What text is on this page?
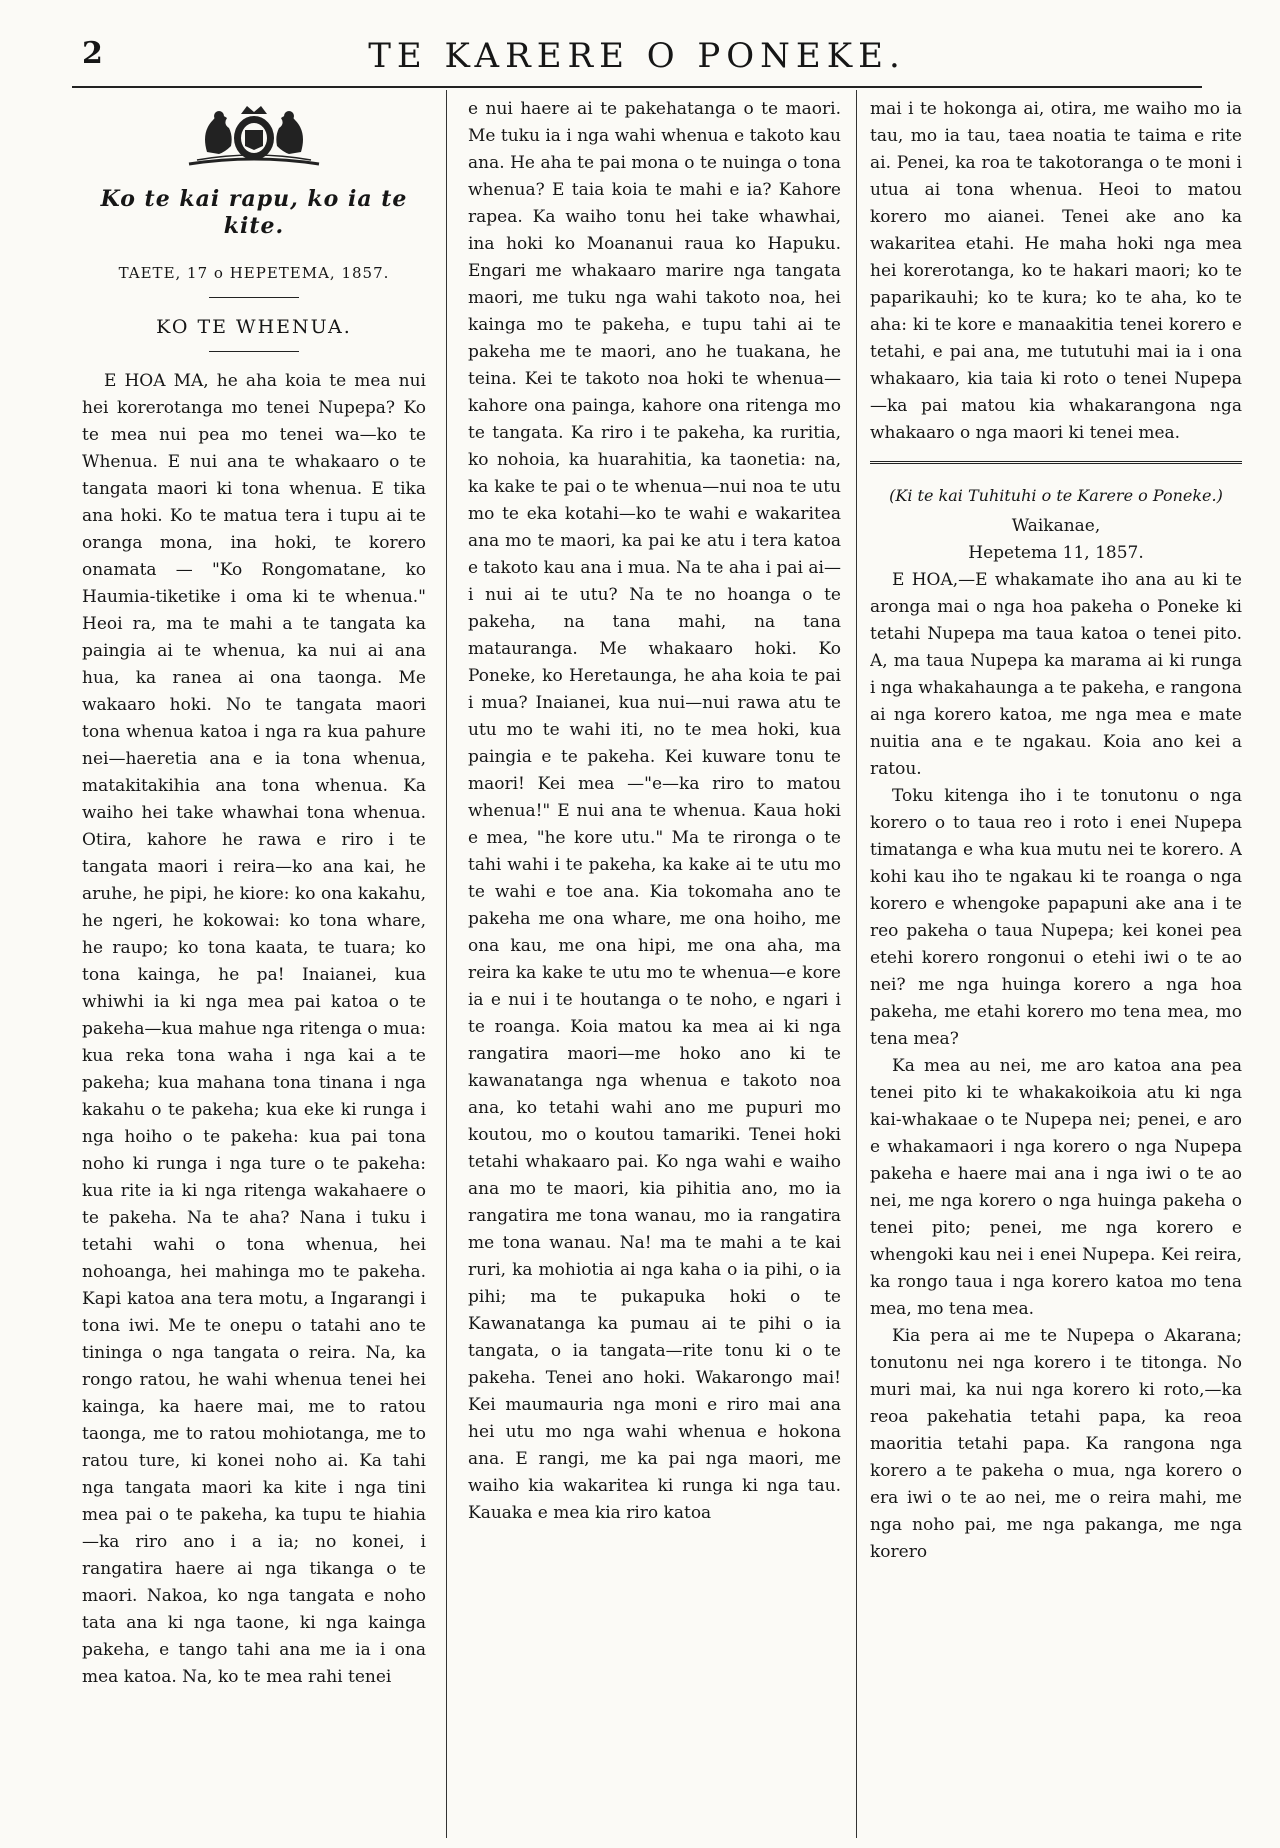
2	TE KARERE O PONEKE.
Ko te kai rapu, ko ia te kite.
TAETE, 17 o HEPETEMA, 1857.
KO TE WHENUA.

E HOA MA, he aha koia te mea nui hei korerotanga mo tenei Nupepa? Ko te mea nui pea mo tenei wa—ko te Whenua. E nui ana te whakaaro o te tangata maori ki tona whenua. E tika ana hoki. Ko te matua tera i tupu ai te oranga mona, ina hoki, te korero onamata — "Ko Rongomatane, ko Haumia-tiketike i oma ki te whenua." Heoi ra, ma te mahi a te tangata ka paingia ai te whenua, ka nui ai ana hua, ka ranea ai ona taonga. Me wakaaro hoki. No te tangata maori tona whenua katoa i nga ra kua pahure nei—haeretia ana e ia tona whenua, matakitakihia ana tona whenua. Ka waiho hei take whawhai tona whenua. Otira, kahore he rawa e riro i te tangata maori i reira—ko ana kai, he aruhe, he pipi, he kiore: ko ona kakahu, he ngeri, he kokowai: ko tona whare, he raupo; ko tona kaata, te tuara; ko tona kainga, he pa! Inaianei, kua whiwhi ia ki nga mea pai katoa o te pakeha—kua mahue nga ritenga o mua: kua reka tona waha i nga kai a te pakeha; kua mahana tona tinana i nga kakahu o te pakeha; kua eke ki runga i nga hoiho o te pakeha: kua pai tona noho ki runga i nga ture o te pakeha: kua rite ia ki nga ritenga wakahaere o te pakeha. Na te aha? Nana i tuku i tetahi wahi o tona whenua, hei nohoanga, hei mahinga mo te pakeha. Kapi katoa ana tera motu, a Ingarangi i tona iwi. Me te onepu o tatahi ano te tininga o nga tangata o reira. Na, ka rongo ratou, he wahi whenua tenei hei kainga, ka haere mai, me to ratou taonga, me to ratou mohiotanga, me to ratou ture, ki konei noho ai. Ka tahi nga tangata maori ka kite i nga tini mea pai o te pakeha, ka tupu te hiahia—ka riro ano i a ia; no konei, i rangatira haere ai nga tikanga o te maori. Nakoa, ko nga tangata e noho tata ana ki nga taone, ki nga kainga pakeha, e tango tahi ana me ia i ona mea katoa. Na, ko te mea rahi tenei

e nui haere ai te pakehatanga o te maori. Me tuku ia i nga wahi whenua e takoto kau ana. He aha te pai mona o te nuinga o tona whenua? E taia koia te mahi e ia? Kahore rapea. Ka waiho tonu hei take whawhai, ina hoki ko Moananui raua ko Hapuku. Engari me whakaaro marire nga tangata maori, me tuku nga wahi takoto noa, hei kainga mo te pakeha, e tupu tahi ai te pakeha me te maori, ano he tuakana, he teina. Kei te takoto noa hoki te whenua—kahore ona painga, kahore ona ritenga mo te tangata. Ka riro i te pakeha, ka ruritia, ko nohoia, ka huarahitia, ka taonetia: na, ka kake te pai o te whenua—nui noa te utu mo te eka kotahi—ko te wahi e wakaritea ana mo te maori, ka pai ke atu i tera katoa e takoto kau ana i mua. Na te aha i pai ai—i nui ai te utu? Na te no hoanga o te pakeha, na tana mahi, na tana matauranga. Me whakaaro hoki. Ko Poneke, ko Heretaunga, he aha koia te pai i mua? Inaianei, kua nui—nui rawa atu te utu mo te wahi iti, no te mea hoki, kua paingia e te pakeha. Kei kuware tonu te maori! Kei mea —"e—ka riro to matou whenua!" E nui ana te whenua. Kaua hoki e mea, "he kore utu." Ma te rironga o te tahi wahi i te pakeha, ka kake ai te utu mo te wahi e toe ana. Kia tokomaha ano te pakeha me ona whare, me ona hoiho, me ona kau, me ona hipi, me ona aha, ma reira ka kake te utu mo te whenua—e kore ia e nui i te houtanga o te noho, e ngari i te roanga. Koia matou ka mea ai ki nga rangatira maori—me hoko ano ki te kawanatanga nga whenua e takoto noa ana, ko tetahi wahi ano me pupuri mo koutou, mo o koutou tamariki. Tenei hoki tetahi whakaaro pai. Ko nga wahi e waiho ana mo te maori, kia pihitia ano, mo ia rangatira me tona wanau, mo ia rangatira me tona wanau. Na! ma te mahi a te kai ruri, ka mohiotia ai nga kaha o ia pihi, o ia pihi; ma te pukapuka hoki o te Kawanatanga ka pumau ai te pihi o ia tangata, o ia tangata—rite tonu ki o te pakeha. Tenei ano hoki. Wakarongo mai! Kei maumauria nga moni e riro mai ana hei utu mo nga wahi whenua e hokona ana. E rangi, me ka pai nga maori, me waiho kia wakaritea ki runga ki nga tau. Kauaka e mea kia riro katoa

mai i te hokonga ai, otira, me waiho mo ia tau, mo ia tau, taea noatia te taima e rite ai. Penei, ka roa te takotoranga o te moni i utua ai tona whenua. Heoi to matou korero mo aianei. Tenei ake ano ka wakaritea etahi. He maha hoki nga mea hei korerotanga, ko te hakari maori; ko te paparikauhi; ko te kura; ko te aha, ko te aha: ki te kore e manaakitia tenei korero e tetahi, e pai ana, me tututuhi mai ia i ona whakaaro, kia taia ki roto o tenei Nupepa—ka pai matou kia whakarangona nga whakaaro o nga maori ki tenei mea.

(Ki te kai Tuhituhi o te Karere o Poneke.)

Waikanae,

Hepetema 11, 1857.

E HOA,—E whakamate iho ana au ki te aronga mai o nga hoa pakeha o Poneke ki tetahi Nupepa ma taua katoa o tenei pito. A, ma taua Nupepa ka marama ai ki runga i nga whakahaunga a te pakeha, e rangona ai nga korero katoa, me nga mea e mate nuitia ana e te ngakau. Koia ano kei a ratou.

Toku kitenga iho i te tonutonu o nga korero o to taua reo i roto i enei Nupepa timatanga e wha kua mutu nei te korero. A kohi kau iho te ngakau ki te roanga o nga korero e whengoke papapuni ake ana i te reo pakeha o taua Nupepa; kei konei pea etehi korero rongonui o etehi iwi o te ao nei? me nga huinga korero a nga hoa pakeha, me etahi korero mo tena mea, mo tena mea?

Ka mea au nei, me aro katoa ana pea tenei pito ki te whakakoikoia atu ki nga kai-whakaae o te Nupepa nei; penei, e aro e whakamaori i nga korero o nga Nupepa pakeha e haere mai ana i nga iwi o te ao nei, me nga korero o nga huinga pakeha o tenei pito; penei, me nga korero e whengoki kau nei i enei Nupepa. Kei reira, ka rongo taua i nga korero katoa mo tena mea, mo tena mea.

Kia pera ai me te Nupepa o Akarana; tonutonu nei nga korero i te titonga. No muri mai, ka nui nga korero ki roto,—ka reoa pakehatia tetahi papa, ka reoa maoritia tetahi papa. Ka rangona nga korero a te pakeha o mua, nga korero o era iwi o te ao nei, me o reira mahi, me nga noho pai, me nga pakanga, me nga korero
